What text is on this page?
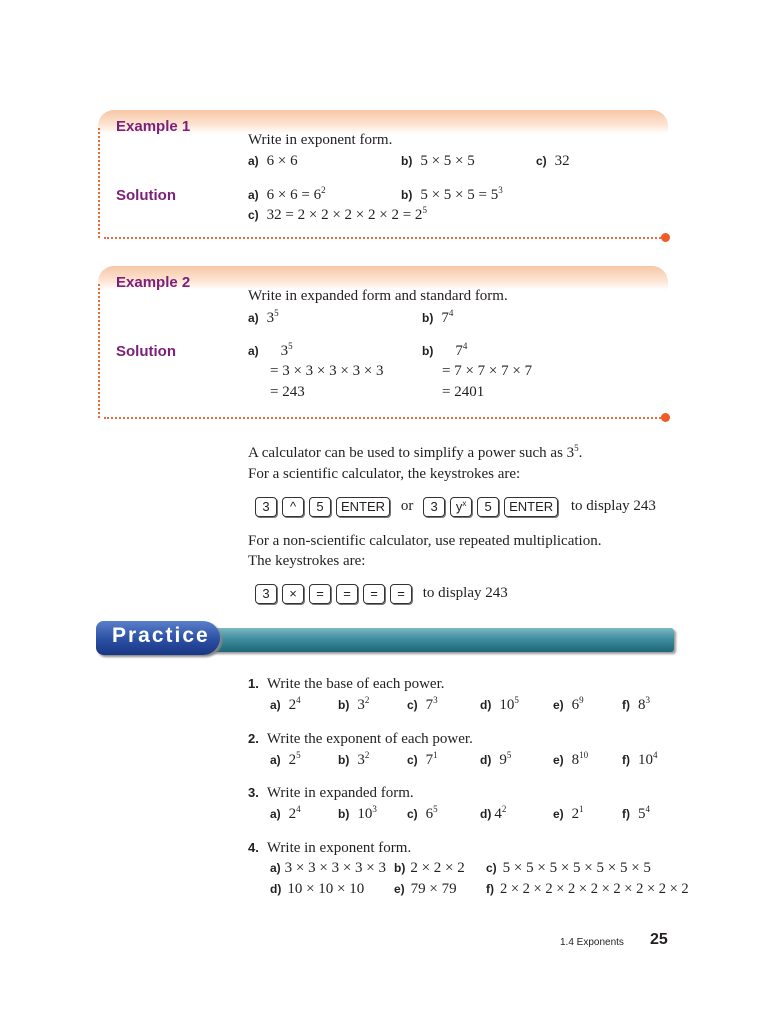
Example 1
Write in exponent form.
a) 6 × 6	b) 5 × 5 × 5	c) 32
Solution	a) $6 \times 6 = 6^2$	b) $5 \times 5 \times 5 = 5^3$
c) $32 = 2 \times 2 \times 2 \times 2 \times 2 = 2^5$
Example 2
Write in expanded form and standard form.
a) $3^5$	b) $7^4$
Solution	a) $3^5$
= 3 × 3 × 3 × 3 × 3
= 243
b) $7^4$
= 7 × 7 × 7 × 7
= 2401
A calculator can be used to simplify a power such as $3^5$.
For a scientific calculator, the keystrokes are:
3 ^ 5 ENTER or 3 $y^x$ 5 ENTER to display 243
For a non-scientific calculator, use repeated multiplication.
The keystrokes are:
3 × = = = = to display 243
Practice
1. Write the base of each power.
a) $2^4$	b) $3^2$	c) $7^3$	d) $10^5$	e) $6^9$	f) $8^3$
2. Write the exponent of each power.
a) $2^5$	b) $3^2$	c) $7^1$	d) $9^5$	e) $8^{10}$	f) $10^4$
3. Write in expanded form.
a) $2^4$	b) $10^3$	c) $6^5$	d) $4^2$	e) $2^1$	f) $5^4$
4. Write in exponent form.
a) 3 × 3 × 3 × 3 × 3 b) 2 × 2 × 2 c) 5 × 5 × 5 × 5 × 5 × 5 × 5
d) 10 × 10 × 10 e) 79 × 79 f) 2 × 2 × 2 × 2 × 2 × 2 × 2 × 2 × 2
1.4 Exponents 25
